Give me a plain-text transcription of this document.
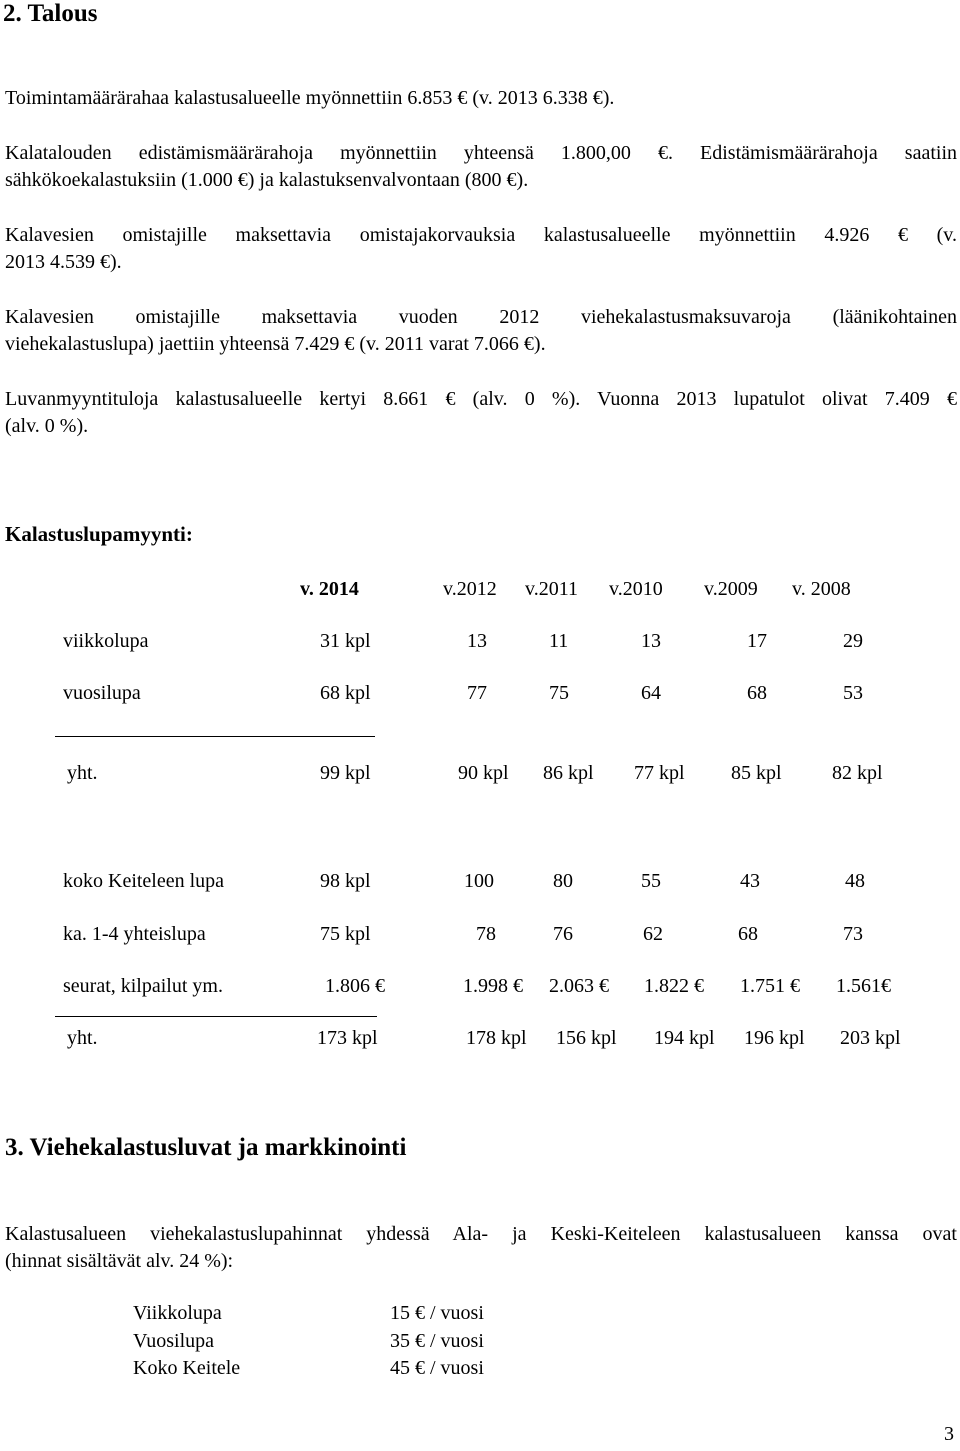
2. Talous
Toimintamäärärahaa kalastusalueelle myönnettiin 6.853 € (v. 2013 6.338 €).
Kalatalouden edistämismäärärahoja myönnettiin yhteensä 1.800,00 €. Edistämismäärärahoja saatiin
sähkökoekalastuksiin (1.000 €) ja kalastuksenvalvontaan (800 €).
Kalavesien omistajille maksettavia omistajakorvauksia kalastusalueelle myönnettiin 4.926 € (v.
2013 4.539 €).
Kalavesien omistajille maksettavia vuoden 2012 viehekalastusmaksuvaroja (läänikohtainen
viehekalastuslupa) jaettiin yhteensä 7.429 € (v. 2011 varat 7.066 €).
Luvanmyyntituloja kalastusalueelle kertyi 8.661 € (alv. 0 %). Vuonna 2013 lupatulot olivat 7.409 €
(alv. 0 %).
Kalastuslupamyynti:
v. 2014	v.2012 v.2011 v.2010 v.2009 v. 2008
viikkolupa	31 kpl	13	11	13	17	29
vuosilupa	68 kpl	77	75	64	68	53
yht.	99 kpl	90 kpl 86 kpl 77 kpl 85 kpl	82 kpl
koko Keiteleen lupa	98 kpl	100	80	55	43	48
ka. 1-4 yhteislupa	75 kpl	78	76	62	68	73
seurat, kilpailut ym.	1.806 €	1.998 € 2.063 € 1.822 € 1.751 € 1.561€
yht.	173 kpl	178 kpl 156 kpl 194 kpl 196 kpl 203 kpl
3. Viehekalastusluvat ja markkinointi
Kalastusalueen viehekalastuslupahinnat yhdessä Ala- ja Keski-Keiteleen kalastusalueen kanssa ovat
(hinnat sisältävät alv. 24 %):
Viikkolupa	15 € / vuosi
Vuosilupa	35 € / vuosi
Koko Keitele	45 € / vuosi
3
